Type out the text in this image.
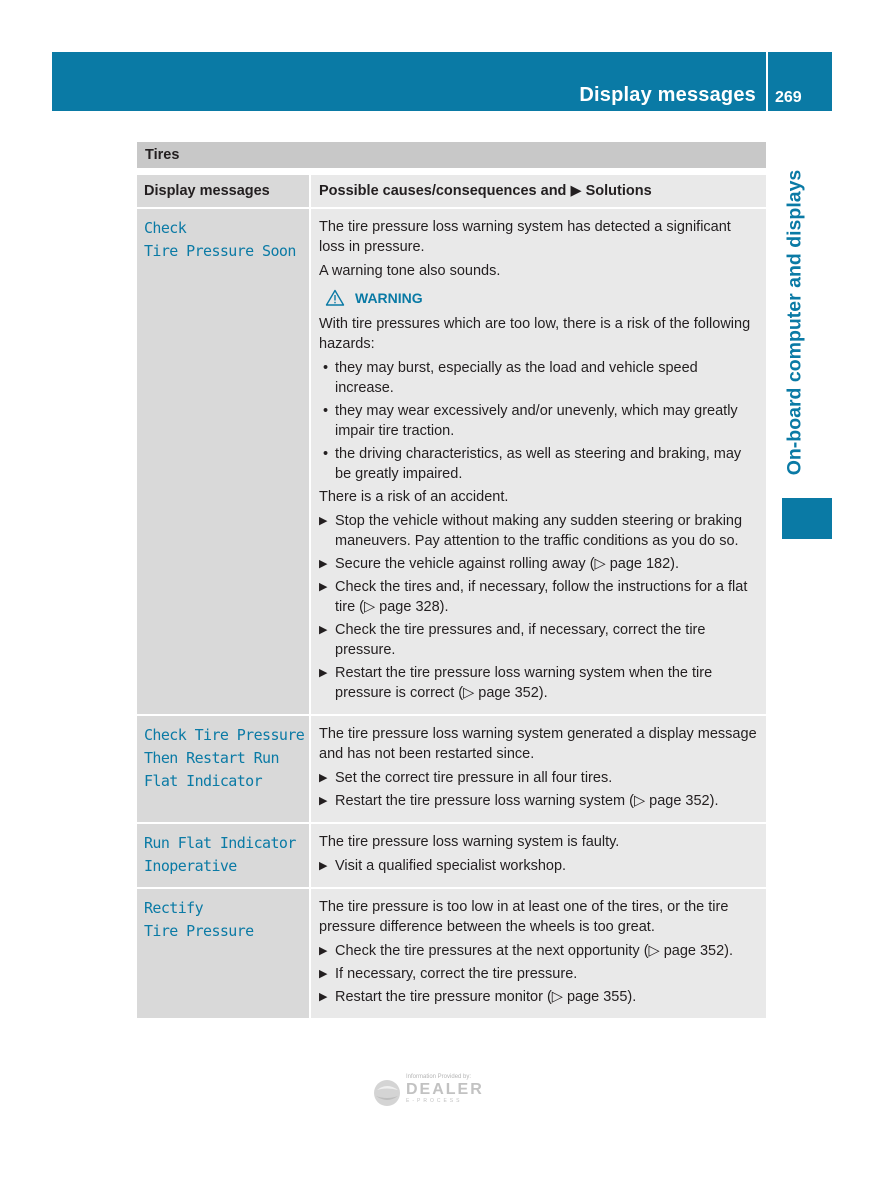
Display messages 269
On-board computer and displays
Tires
Display messages	Possible causes/consequences and ▶ Solutions
Check
Tire Pressure Soon

The tire pressure loss warning system has detected a significant loss in pressure.

A warning tone also sounds.

WARNING

With tire pressures which are too low, there is a risk of the following hazards:

• they may burst, especially as the load and vehicle speed increase.
• they may wear excessively and/or unevenly, which may greatly impair tire traction.
• the driving characteristics, as well as steering and braking, may be greatly impaired.

There is a risk of an accident.

▶ Stop the vehicle without making any sudden steering or braking maneuvers. Pay attention to the traffic conditions as you do so.
▶ Secure the vehicle against rolling away (▷ page 182).
▶ Check the tires and, if necessary, follow the instructions for a flat tire (▷ page 328).
▶ Check the tire pressures and, if necessary, correct the tire pressure.
▶ Restart the tire pressure loss warning system when the tire pressure is correct (▷ page 352).
Check Tire Pressure
Then Restart Run
Flat Indicator

The tire pressure loss warning system generated a display message and has not been restarted since.

▶ Set the correct tire pressure in all four tires.
▶ Restart the tire pressure loss warning system (▷ page 352).
Run Flat Indicator
Inoperative

The tire pressure loss warning system is faulty.

▶ Visit a qualified specialist workshop.
Rectify
Tire Pressure

The tire pressure is too low in at least one of the tires, or the tire pressure difference between the wheels is too great.

▶ Check the tire pressures at the next opportunity (▷ page 352).
▶ If necessary, correct the tire pressure.
▶ Restart the tire pressure monitor (▷ page 355).
Information Provided by:
DEALER
E-PROCESS
